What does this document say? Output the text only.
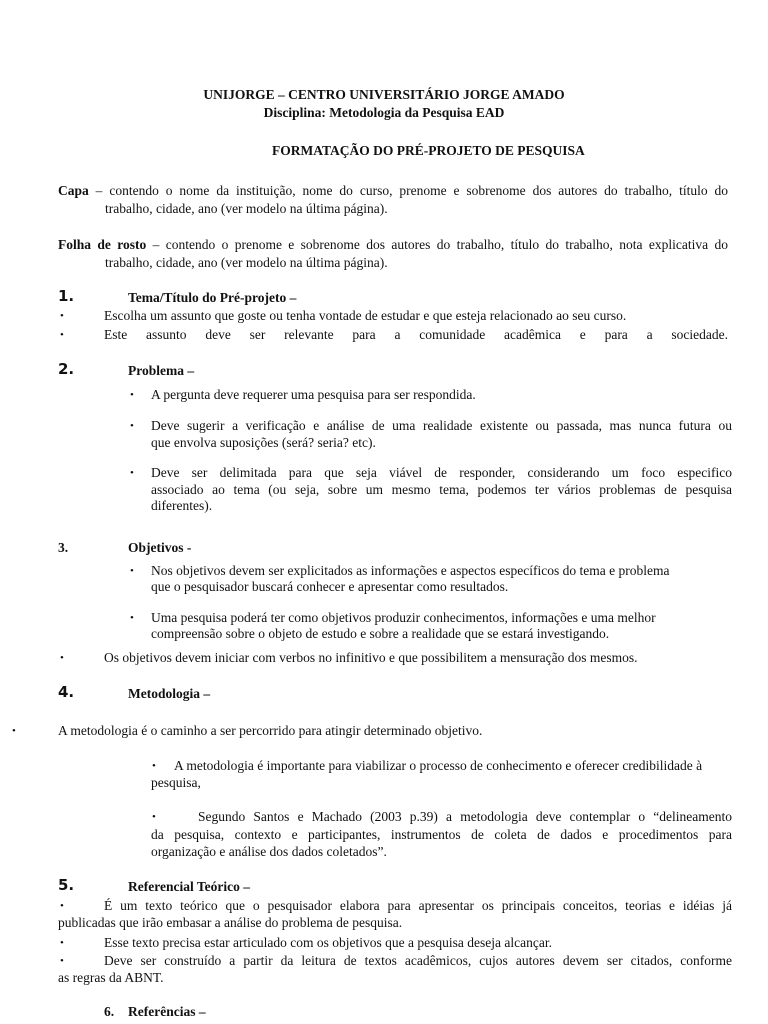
UNIJORGE – CENTRO UNIVERSITÁRIO JORGE AMADO
Disciplina: Metodologia da Pesquisa EAD
FORMATAÇÃO DO PRÉ-PROJETO DE PESQUISA
Capa – contendo o nome da instituição, nome do curso, prenome e sobrenome dos autores do trabalho, título do
trabalho, cidade, ano (ver modelo na última página).
Folha de rosto – contendo o prenome e sobrenome dos autores do trabalho, título do trabalho, nota explicativa do
trabalho, cidade, ano (ver modelo na última página).
1.	Tema/Título do Pré-projeto –
•	Escolha um assunto que goste ou tenha vontade de estudar e que esteja relacionado ao seu curso.
•	Este assunto deve ser relevante para a comunidade acadêmica e para a sociedade.
2.	Problema –
• A pergunta deve requerer uma pesquisa para ser respondida.
• Deve sugerir a verificação e análise de uma realidade existente ou passada, mas nunca futura ou
que envolva suposições (será? seria? etc).
• Deve ser delimitada para que seja viável de responder, considerando um foco especifico
associado ao tema (ou seja, sobre um mesmo tema, podemos ter vários problemas de pesquisa
diferentes).
3.	Objetivos -
• Nos objetivos devem ser explicitados as informações e aspectos específicos do tema e problema
que o pesquisador buscará conhecer e apresentar como resultados.
• Uma pesquisa poderá ter como objetivos produzir conhecimentos, informações e uma melhor
compreensão sobre o objeto de estudo e sobre a realidade que se estará investigando.
•	Os objetivos devem iniciar com verbos no infinitivo e que possibilitem a mensuração dos mesmos.
4.	Metodologia –
•	A metodologia é o caminho a ser percorrido para atingir determinado objetivo.
• A metodologia é importante para viabilizar o processo de conhecimento e oferecer credibilidade à
pesquisa,
•	Segundo Santos e Machado (2003 p.39) a metodologia deve contemplar o “delineamento
da pesquisa, contexto e participantes, instrumentos de coleta de dados e procedimentos para
organização e análise dos dados coletados”.
5.	Referencial Teórico –
•	É um texto teórico que o pesquisador elabora para apresentar os principais conceitos, teorias e idéias já
publicadas que irão embasar a análise do problema de pesquisa.
•	Esse texto precisa estar articulado com os objetivos que a pesquisa deseja alcançar.
•	Deve ser construído a partir da leitura de textos acadêmicos, cujos autores devem ser citados, conforme
as regras da ABNT.
6. Referências –
